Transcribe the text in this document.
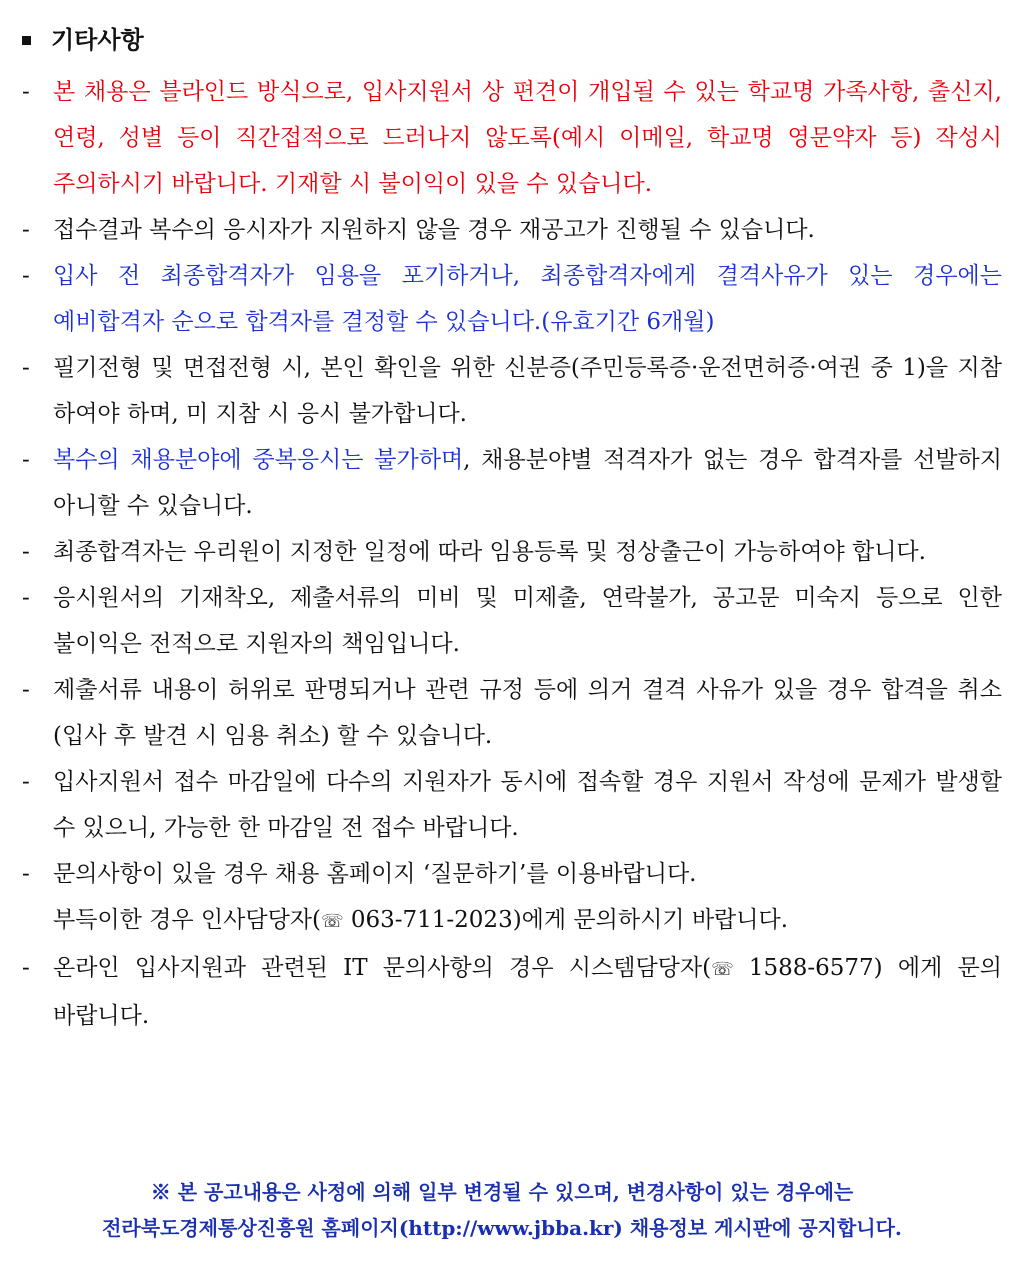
기타사항
- 본 채용은 블라인드 방식으로, 입사지원서 상 편견이 개입될 수 있는 학교명 가족사항, 출신지, 연령, 성별 등이 직간접적으로 드러나지 않도록(예시 이메일, 학교명 영문약자 등) 작성시 주의하시기 바랍니다. 기재할 시 불이익이 있을 수 있습니다.
- 접수결과 복수의 응시자가 지원하지 않을 경우 재공고가 진행될 수 있습니다.
- 입사 전 최종합격자가 임용을 포기하거나, 최종합격자에게 결격사유가 있는 경우에는 예비합격자 순으로 합격자를 결정할 수 있습니다.(유효기간 6개월)
- 필기전형 및 면접전형 시, 본인 확인을 위한 신분증(주민등록증·운전면허증·여권 중 1)을 지참 하여야 하며, 미 지참 시 응시 불가합니다.
- 복수의 채용분야에 중복응시는 불가하며, 채용분야별 적격자가 없는 경우 합격자를 선발하지 아니할 수 있습니다.
- 최종합격자는 우리원이 지정한 일정에 따라 임용등록 및 정상출근이 가능하여야 합니다.
- 응시원서의 기재착오, 제출서류의 미비 및 미제출, 연락불가, 공고문 미숙지 등으로 인한 불이익은 전적으로 지원자의 책임입니다.
- 제출서류 내용이 허위로 판명되거나 관련 규정 등에 의거 결격 사유가 있을 경우 합격을 취소(입사 후 발견 시 임용 취소) 할 수 있습니다.
- 입사지원서 접수 마감일에 다수의 지원자가 동시에 접속할 경우 지원서 작성에 문제가 발생할 수 있으니, 가능한 한 마감일 전 접수 바랍니다.
- 문의사항이 있을 경우 채용 홈페이지 ‘질문하기’를 이용바랍니다.
부득이한 경우 인사담당자(☏ 063-711-2023)에게 문의하시기 바랍니다.
- 온라인 입사지원과 관련된 IT 문의사항의 경우 시스템담당자(☏ 1588-6577) 에게 문의 바랍니다.
※ 본 공고내용은 사정에 의해 일부 변경될 수 있으며, 변경사항이 있는 경우에는
전라북도경제통상진흥원 홈페이지(http://www.jbba.kr) 채용정보 게시판에 공지합니다.
